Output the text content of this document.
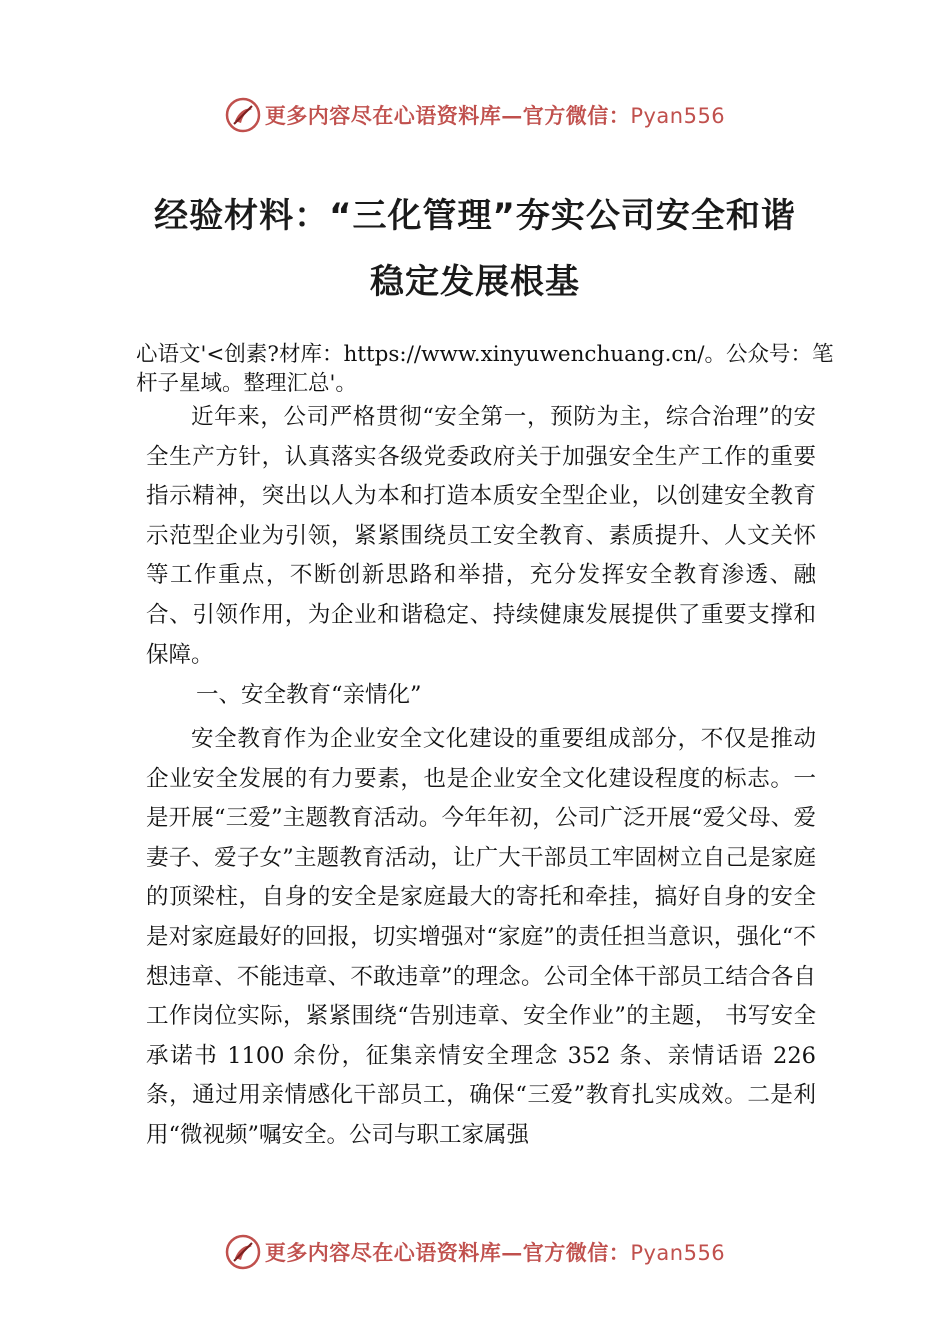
更多内容尽在心语资料库—官方微信：Pyan556
经验材料：“三化管理”夯实公司安全和谐
稳定发展根基
心语文'<创素?材库：https://www.xinyuwenchuang.cn/。公众号：笔杆子星域。整理汇总'。
近年来，公司严格贯彻“安全第一，预防为主，综合治理”的安全生产方针，认真落实各级党委政府关于加强安全生产工作的重要指示精神，突出以人为本和打造本质安全型企业，以创建安全教育示范型企业为引领，紧紧围绕员工安全教育、素质提升、人文关怀等工作重点，不断创新思路和举措，充分发挥安全教育渗透、融合、引领作用，为企业和谐稳定、持续健康发展提供了重要支撑和保障。
一、安全教育“亲情化”
安全教育作为企业安全文化建设的重要组成部分，不仅是推动企业安全发展的有力要素，也是企业安全文化建设程度的标志。一是开展“三爱”主题教育活动。今年年初，公司广泛开展“爱父母、爱妻子、爱子女”主题教育活动，让广大干部员工牢固树立自己是家庭的顶梁柱，自身的安全是家庭最大的寄托和牵挂，搞好自身的安全是对家庭最好的回报，切实增强对“家庭”的责任担当意识，强化“不想违章、不能违章、不敢违章”的理念。公司全体干部员工结合各自工作岗位实际，紧紧围绕“告别违章、安全作业”的主题， 书写安全承诺书 1100 余份，征集亲情安全理念 352 条、亲情话语 226 条，通过用亲情感化干部员工，确保“三爱”教育扎实成效。二是利用“微视频”嘱安全。公司与职工家属强
更多内容尽在心语资料库—官方微信：Pyan556
